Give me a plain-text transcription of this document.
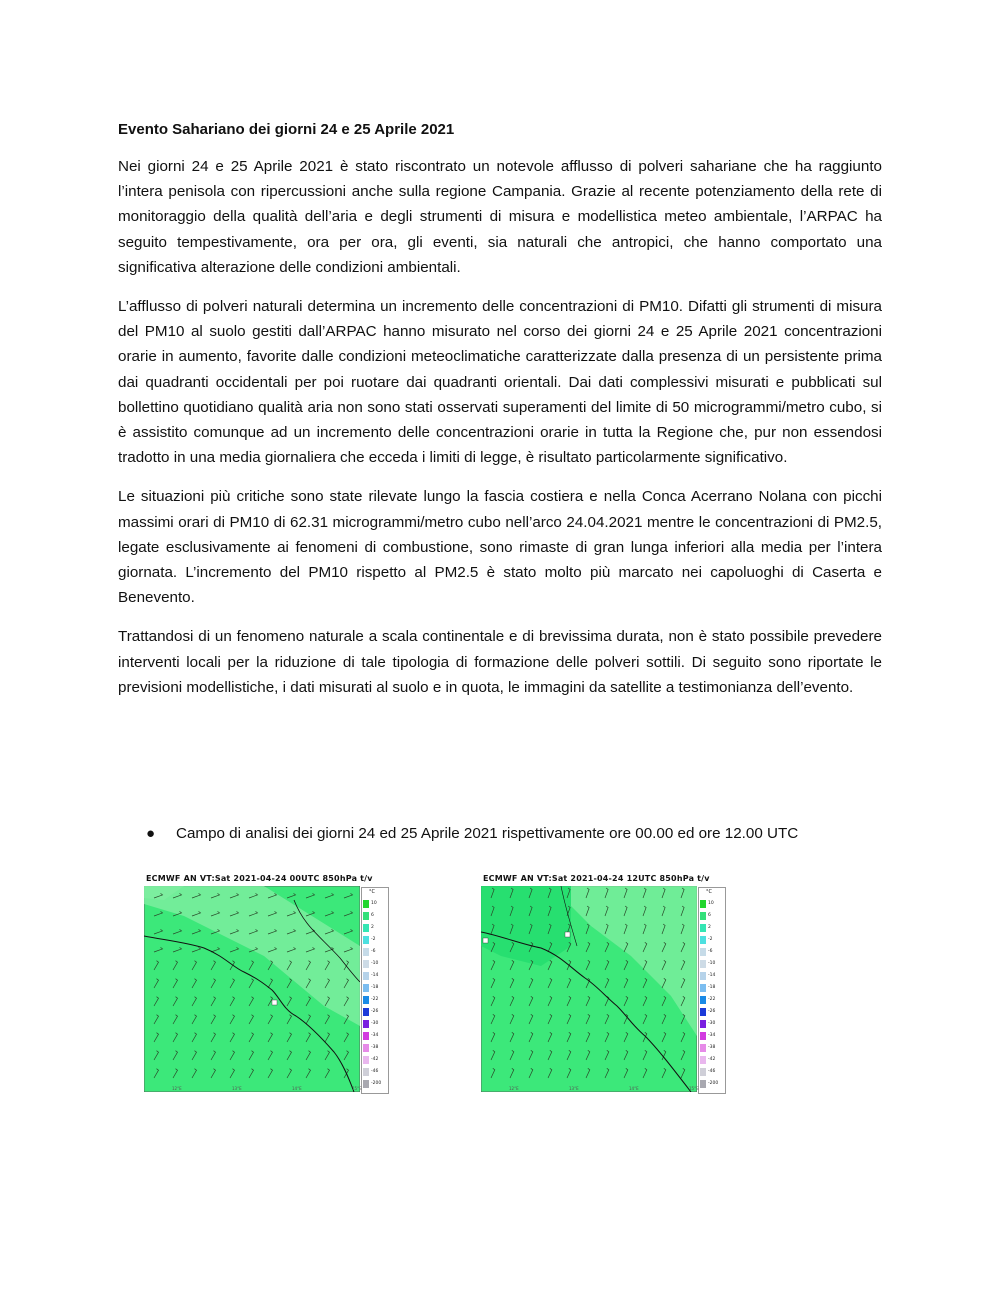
Evento Sahariano dei giorni 24 e 25 Aprile 2021

Nei giorni 24 e 25 Aprile 2021 è stato riscontrato un notevole afflusso di polveri sahariane che ha raggiunto l’intera penisola con ripercussioni anche sulla regione Campania. Grazie al recente potenziamento della rete di monitoraggio della qualità dell’aria e degli strumenti di misura e modellistica meteo ambientale, l’ARPAC ha seguito tempestivamente, ora per ora, gli eventi, sia naturali che antropici, che hanno comportato una significativa alterazione delle condizioni ambientali.

L’afflusso di polveri naturali determina un incremento delle concentrazioni di PM10. Difatti gli strumenti di misura del PM10 al suolo gestiti dall’ARPAC hanno misurato nel corso dei giorni 24 e 25 Aprile 2021 concentrazioni orarie in aumento, favorite dalle condizioni meteoclimatiche caratterizzate dalla presenza di un persistente prima dai quadranti occidentali per poi ruotare dai quadranti orientali. Dai dati complessivi misurati e pubblicati sul bollettino quotidiano qualità aria non sono stati osservati superamenti del limite di 50 microgrammi/metro cubo, si è assistito comunque ad un incremento delle concentrazioni orarie in tutta la Regione che, pur non essendosi tradotto in una media giornaliera che ecceda i limiti di legge, è risultato particolarmente significativo.

Le situazioni più critiche sono state rilevate lungo la fascia costiera e nella Conca Acerrano Nolana con picchi massimi orari di PM10 di 62.31 microgrammi/metro cubo nell’arco 24.04.2021 mentre le concentrazioni di PM2.5, legate esclusivamente ai fenomeni di combustione, sono rimaste di gran lunga inferiori alla media per l’intera giornata. L’incremento del PM10 rispetto al PM2.5 è stato molto più marcato nei capoluoghi di Caserta e Benevento.

Trattandosi di un fenomeno naturale a scala continentale e di brevissima durata, non è stato possibile prevedere interventi locali per la riduzione di tale tipologia di formazione delle polveri sottili. Di seguito sono riportate le previsioni modellistiche, i dati misurati al suolo e in quota, le immagini da satellite a testimonianza dell’evento.

●	Campo di analisi dei giorni 24 ed 25 Aprile 2021 rispettivamente ore 00.00 ed ore 12.00 UTC
ECMWF AN VT:Sat 2021-04-24 00UTC 850hPa t/v
°C
10
6
2
-2
-6
-10
-14
-18
-22
-26
-30
-34
-38
-42
-46
-200
12°E	13°E	14°E	15°E
ECMWF AN VT:Sat 2021-04-24 12UTC 850hPa t/v
°C
10
6
2
-2
-6
-10
-14
-18
-22
-26
-30
-34
-38
-42
-46
-200
12°E	13°E	14°E	15°E
